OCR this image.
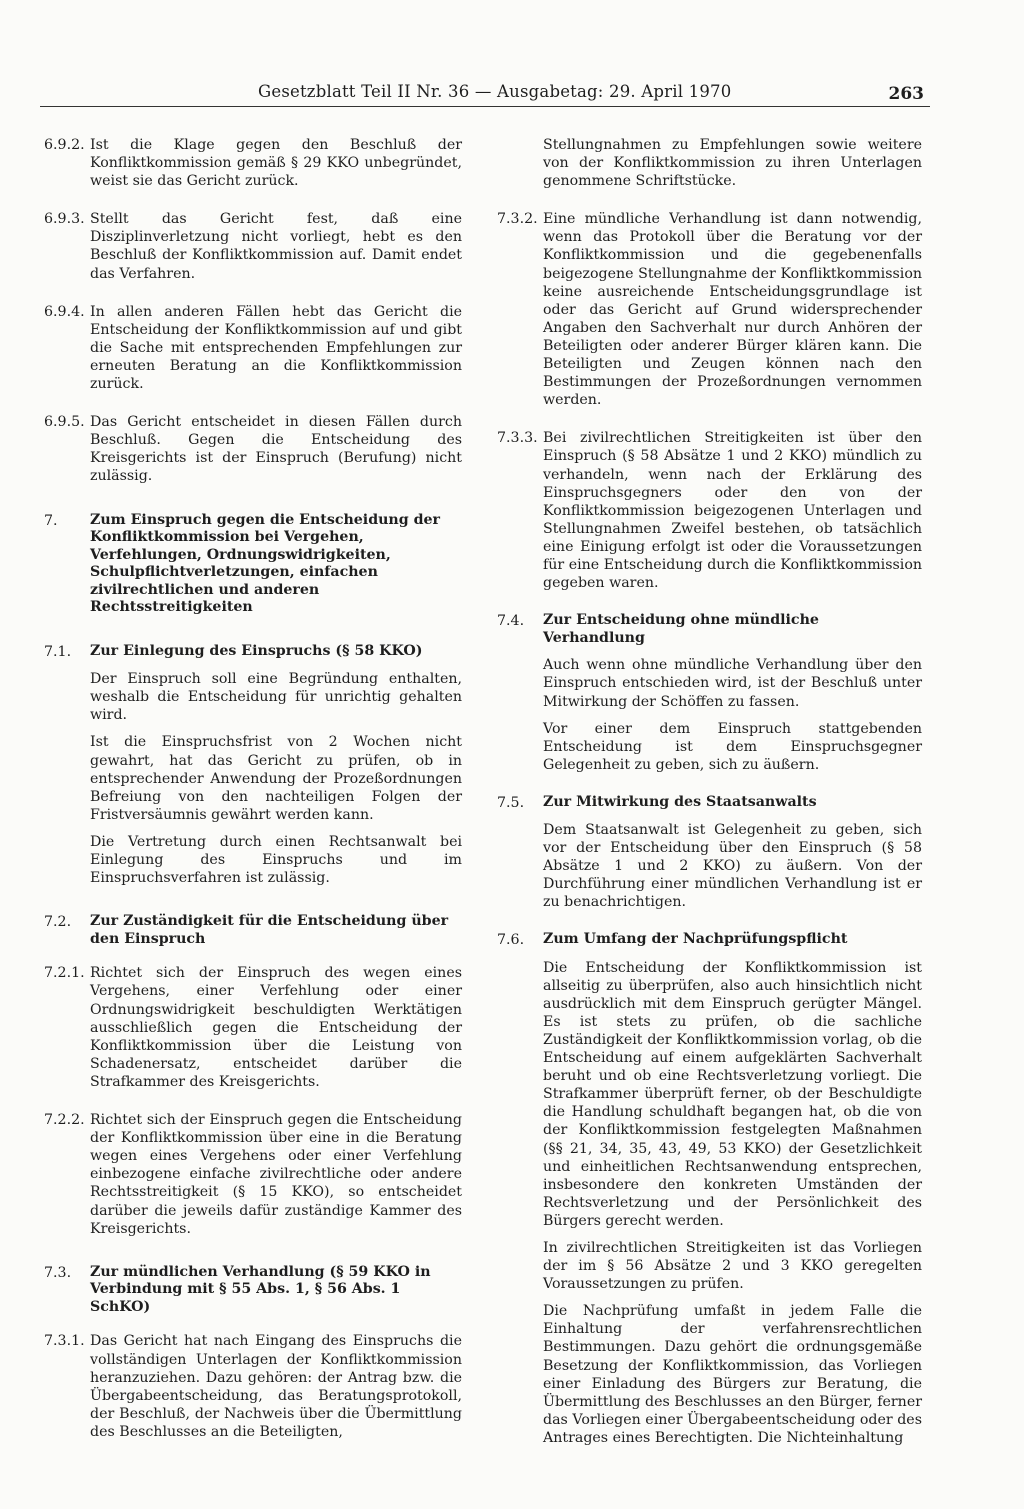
Gesetzblatt Teil II Nr. 36 — Ausgabetag: 29. April 1970	263
6.9.2. Ist die Klage gegen den Beschluß der Konfliktkommission gemäß § 29 KKO unbegründet, weist sie das Gericht zurück.
6.9.3. Stellt das Gericht fest, daß eine Disziplinverletzung nicht vorliegt, hebt es den Beschluß der Konfliktkommission auf. Damit endet das Verfahren.
6.9.4. In allen anderen Fällen hebt das Gericht die Entscheidung der Konfliktkommission auf und gibt die Sache mit entsprechenden Empfehlungen zur erneuten Beratung an die Konfliktkommission zurück.
6.9.5. Das Gericht entscheidet in diesen Fällen durch Beschluß. Gegen die Entscheidung des Kreisgerichts ist der Einspruch (Berufung) nicht zulässig.
7.	Zum Einspruch gegen die Entscheidung der Konfliktkommission bei Vergehen, Verfehlungen, Ordnungswidrigkeiten, Schulpflichtverletzungen, einfachen zivilrechtlichen und anderen Rechtsstreitigkeiten
7.1.	Zur Einlegung des Einspruchs (§ 58 KKO)
Der Einspruch soll eine Begründung enthalten, weshalb die Entscheidung für unrichtig gehalten wird.
Ist die Einspruchsfrist von 2 Wochen nicht gewahrt, hat das Gericht zu prüfen, ob in entsprechender Anwendung der Prozeßordnungen Befreiung von den nachteiligen Folgen der Fristversäumnis gewährt werden kann.
Die Vertretung durch einen Rechtsanwalt bei Einlegung des Einspruchs und im Einspruchsverfahren ist zulässig.
7.2.	Zur Zuständigkeit für die Entscheidung über den Einspruch
7.2.1. Richtet sich der Einspruch des wegen eines Vergehens, einer Verfehlung oder einer Ordnungswidrigkeit beschuldigten Werktätigen ausschließlich gegen die Entscheidung der Konfliktkommission über die Leistung von Schadenersatz, entscheidet darüber die Strafkammer des Kreisgerichts.
7.2.2. Richtet sich der Einspruch gegen die Entscheidung der Konfliktkommission über eine in die Beratung wegen eines Vergehens oder einer Verfehlung einbezogene einfache zivilrechtliche oder andere Rechtsstreitigkeit (§ 15 KKO), so entscheidet darüber die jeweils dafür zuständige Kammer des Kreisgerichts.
7.3.	Zur mündlichen Verhandlung (§ 59 KKO in Verbindung mit § 55 Abs. 1, § 56 Abs. 1 SchKO)
7.3.1. Das Gericht hat nach Eingang des Einspruchs die vollständigen Unterlagen der Konfliktkommission heranzuziehen. Dazu gehören: der Antrag bzw. die Übergabeentscheidung, das Beratungsprotokoll, der Beschluß, der Nachweis über die Übermittlung des Beschlusses an die Beteiligten,
Stellungnahmen zu Empfehlungen sowie weitere von der Konfliktkommission zu ihren Unterlagen genommene Schriftstücke.
7.3.2. Eine mündliche Verhandlung ist dann notwendig, wenn das Protokoll über die Beratung vor der Konfliktkommission und die gegebenenfalls beigezogene Stellungnahme der Konfliktkommission keine ausreichende Entscheidungsgrundlage ist oder das Gericht auf Grund widersprechender Angaben den Sachverhalt nur durch Anhören der Beteiligten oder anderer Bürger klären kann. Die Beteiligten und Zeugen können nach den Bestimmungen der Prozeßordnungen vernommen werden.
7.3.3. Bei zivilrechtlichen Streitigkeiten ist über den Einspruch (§ 58 Absätze 1 und 2 KKO) mündlich zu verhandeln, wenn nach der Erklärung des Einspruchsgegners oder den von der Konfliktkommission beigezogenen Unterlagen und Stellungnahmen Zweifel bestehen, ob tatsächlich eine Einigung erfolgt ist oder die Voraussetzungen für eine Entscheidung durch die Konfliktkommission gegeben waren.
7.4.	Zur Entscheidung ohne mündliche Verhandlung
Auch wenn ohne mündliche Verhandlung über den Einspruch entschieden wird, ist der Beschluß unter Mitwirkung der Schöffen zu fassen.
Vor einer dem Einspruch stattgebenden Entscheidung ist dem Einspruchsgegner Gelegenheit zu geben, sich zu äußern.
7.5.	Zur Mitwirkung des Staatsanwalts
Dem Staatsanwalt ist Gelegenheit zu geben, sich vor der Entscheidung über den Einspruch (§ 58 Absätze 1 und 2 KKO) zu äußern. Von der Durchführung einer mündlichen Verhandlung ist er zu benachrichtigen.
7.6.	Zum Umfang der Nachprüfungspflicht
Die Entscheidung der Konfliktkommission ist allseitig zu überprüfen, also auch hinsichtlich nicht ausdrücklich mit dem Einspruch gerügter Mängel. Es ist stets zu prüfen, ob die sachliche Zuständigkeit der Konfliktkommission vorlag, ob die Entscheidung auf einem aufgeklärten Sachverhalt beruht und ob eine Rechtsverletzung vorliegt. Die Strafkammer überprüft ferner, ob der Beschuldigte die Handlung schuldhaft begangen hat, ob die von der Konfliktkommission festgelegten Maßnahmen (§§ 21, 34, 35, 43, 49, 53 KKO) der Gesetzlichkeit und einheitlichen Rechtsanwendung entsprechen, insbesondere den konkreten Umständen der Rechtsverletzung und der Persönlichkeit des Bürgers gerecht werden.
In zivilrechtlichen Streitigkeiten ist das Vorliegen der im § 56 Absätze 2 und 3 KKO geregelten Voraussetzungen zu prüfen.
Die Nachprüfung umfaßt in jedem Falle die Einhaltung der verfahrensrechtlichen Bestimmungen. Dazu gehört die ordnungsgemäße Besetzung der Konfliktkommission, das Vorliegen einer Einladung des Bürgers zur Beratung, die Übermittlung des Beschlusses an den Bürger, ferner das Vorliegen einer Übergabeentscheidung oder des Antrages eines Berechtigten. Die Nichteinhaltung
